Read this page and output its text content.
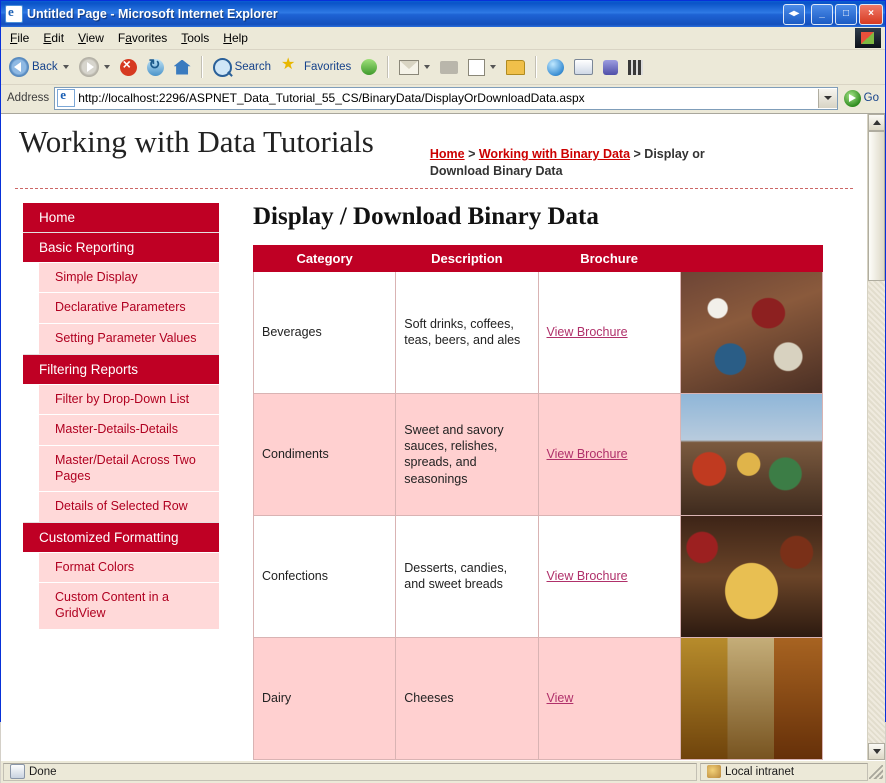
e
Untitled Page - Microsoft Internet Explorer	◂▸	_	□	×
File	Edit	View	Favorites	Tools	Help
Back × ↻	Search ★ Favorites
Address e	http://localhost:2296/ASPNET_Data_Tutorial_55_CS/BinaryData/DisplayOrDownloadData.aspx	Go
Working with Data Tutorials	Home > Working with Binary Data > Display or Download Binary Data
Home
Basic Reporting
Simple Display
Declarative Parameters
Setting Parameter Values
Filtering Reports
Filter by Drop-Down List
Master-Details-Details
Master/Detail Across Two Pages
Details of Selected Row
Customized Formatting
Format Colors
Custom Content in a GridView
Display / Download Binary Data
Category	Description	Brochure	
Beverages	Soft drinks, coffees, teas, beers, and ales	View Brochure	

Condiments	Sweet and savory sauces, relishes, spreads, and seasonings	View Brochure	

Confections	Desserts, candies, and sweet breads	View Brochure	

Dairy	Cheeses	View	
Done	Local intranet
